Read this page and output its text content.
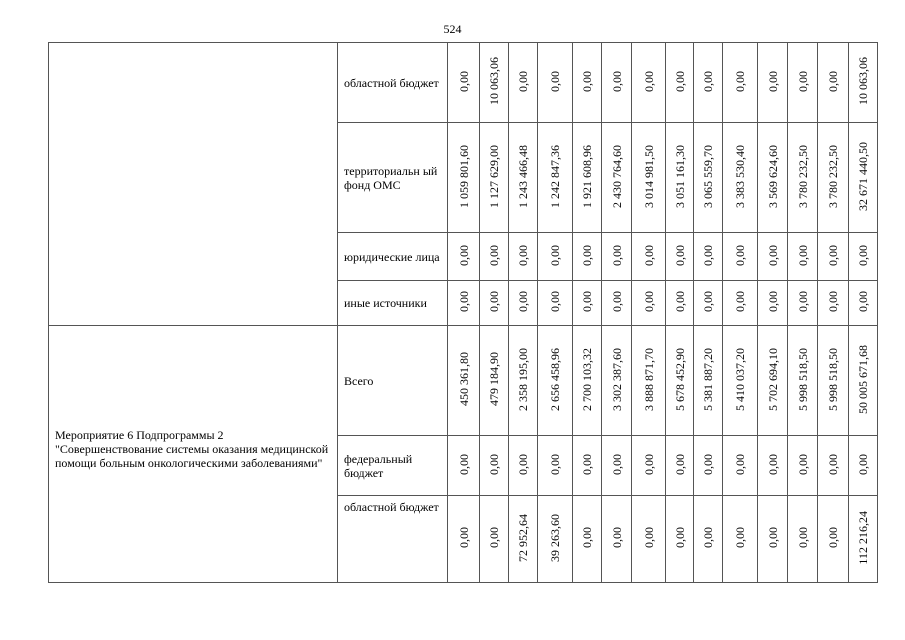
524
	областной бюджет	0,00	10 063,06	0,00	0,00	0,00	0,00	0,00	0,00	0,00	0,00	0,00	0,00	0,00	10 063,06
	территориальн ый фонд ОМС	1 059 801,60	1 127 629,00	1 243 466,48	1 242 847,36	1 921 608,96	2 430 764,60	3 014 981,50	3 051 161,30	3 065 559,70	3 383 530,40	3 569 624,60	3 780 232,50	3 780 232,50	32 671 440,50
	юридические лица	0,00	0,00	0,00	0,00	0,00	0,00	0,00	0,00	0,00	0,00	0,00	0,00	0,00	0,00
	иные источники	0,00	0,00	0,00	0,00	0,00	0,00	0,00	0,00	0,00	0,00	0,00	0,00	0,00	0,00

Мероприятие 6 Подпрограммы 2 "Совершенствование системы оказания медицинской помощи больным онкологическими заболеваниями"	Всего	450 361,80	479 184,90	2 358 195,00	2 656 458,96	2 700 103,32	3 302 387,60	3 888 871,70	5 678 452,90	5 381 887,20	5 410 037,20	5 702 694,10	5 998 518,50	5 998 518,50	50 005 671,68
	федеральный бюджет	0,00	0,00	0,00	0,00	0,00	0,00	0,00	0,00	0,00	0,00	0,00	0,00	0,00	0,00
	областной бюджет	0,00	0,00	72 952,64	39 263,60	0,00	0,00	0,00	0,00	0,00	0,00	0,00	0,00	0,00	112 216,24
